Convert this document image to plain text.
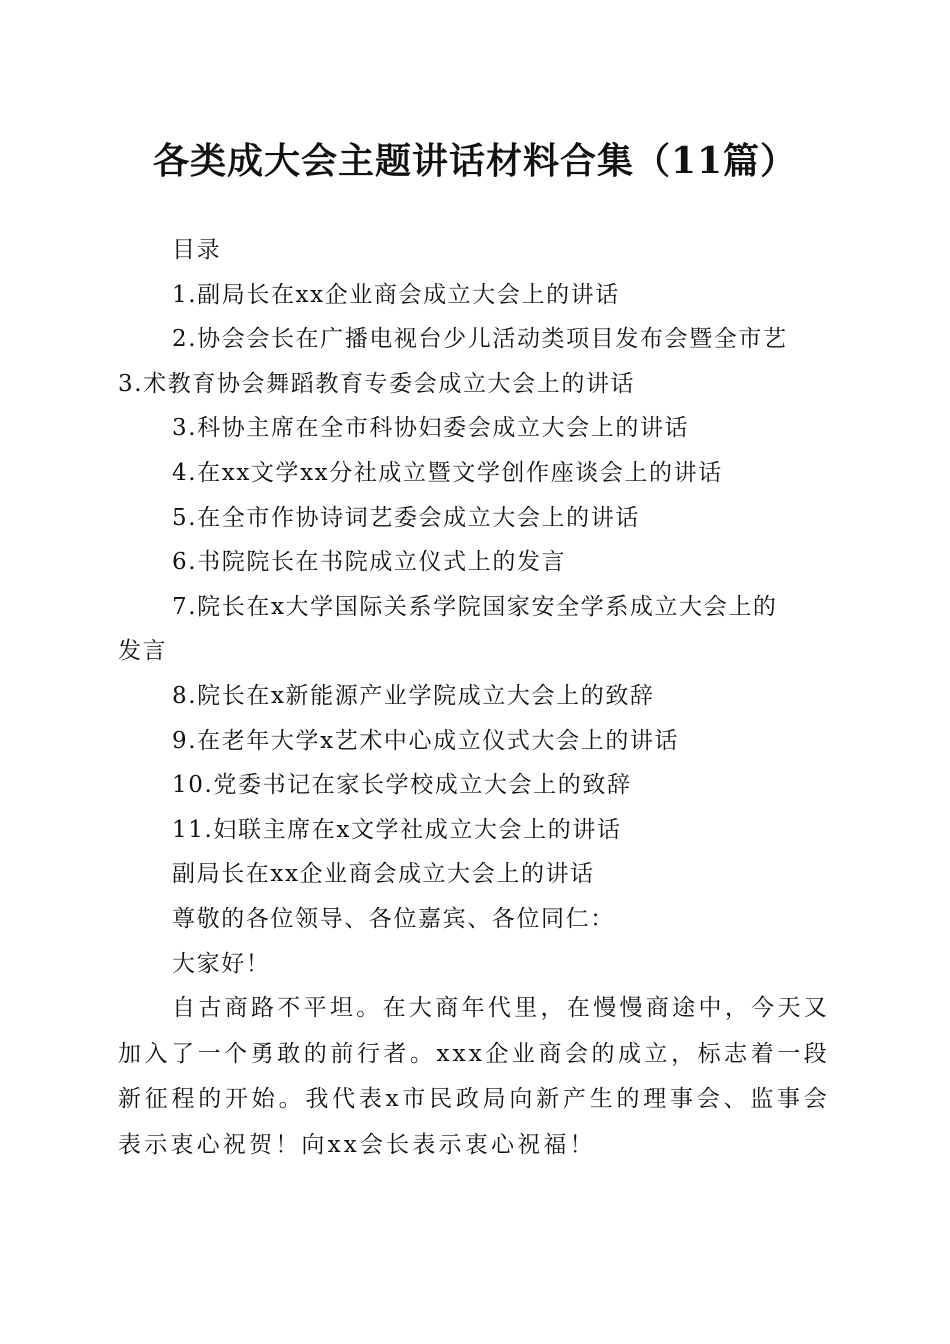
各类成大会主题讲话材料合集（11篇）
目录
1.副局长在xx企业商会成立大会上的讲话
2.协会会长在广播电视台少儿活动类项目发布会暨全市艺
3.术教育协会舞蹈教育专委会成立大会上的讲话
3.科协主席在全市科协妇委会成立大会上的讲话
4.在xx文学xx分社成立暨文学创作座谈会上的讲话
5.在全市作协诗词艺委会成立大会上的讲话
6.书院院长在书院成立仪式上的发言
7.院长在x大学国际关系学院国家安全学系成立大会上的
发言
8.院长在x新能源产业学院成立大会上的致辞
9.在老年大学x艺术中心成立仪式大会上的讲话
10.党委书记在家长学校成立大会上的致辞
11.妇联主席在x文学社成立大会上的讲话
副局长在xx企业商会成立大会上的讲话
尊敬的各位领导、各位嘉宾、各位同仁：
大家好！
自古商路不平坦。在大商年代里，在慢慢商途中，今天又加入了一个勇敢的前行者。xxx企业商会的成立，标志着一段新征程的开始。我代表x市民政局向新产生的理事会、监事会表示衷心祝贺！向xx会长表示衷心祝福！
